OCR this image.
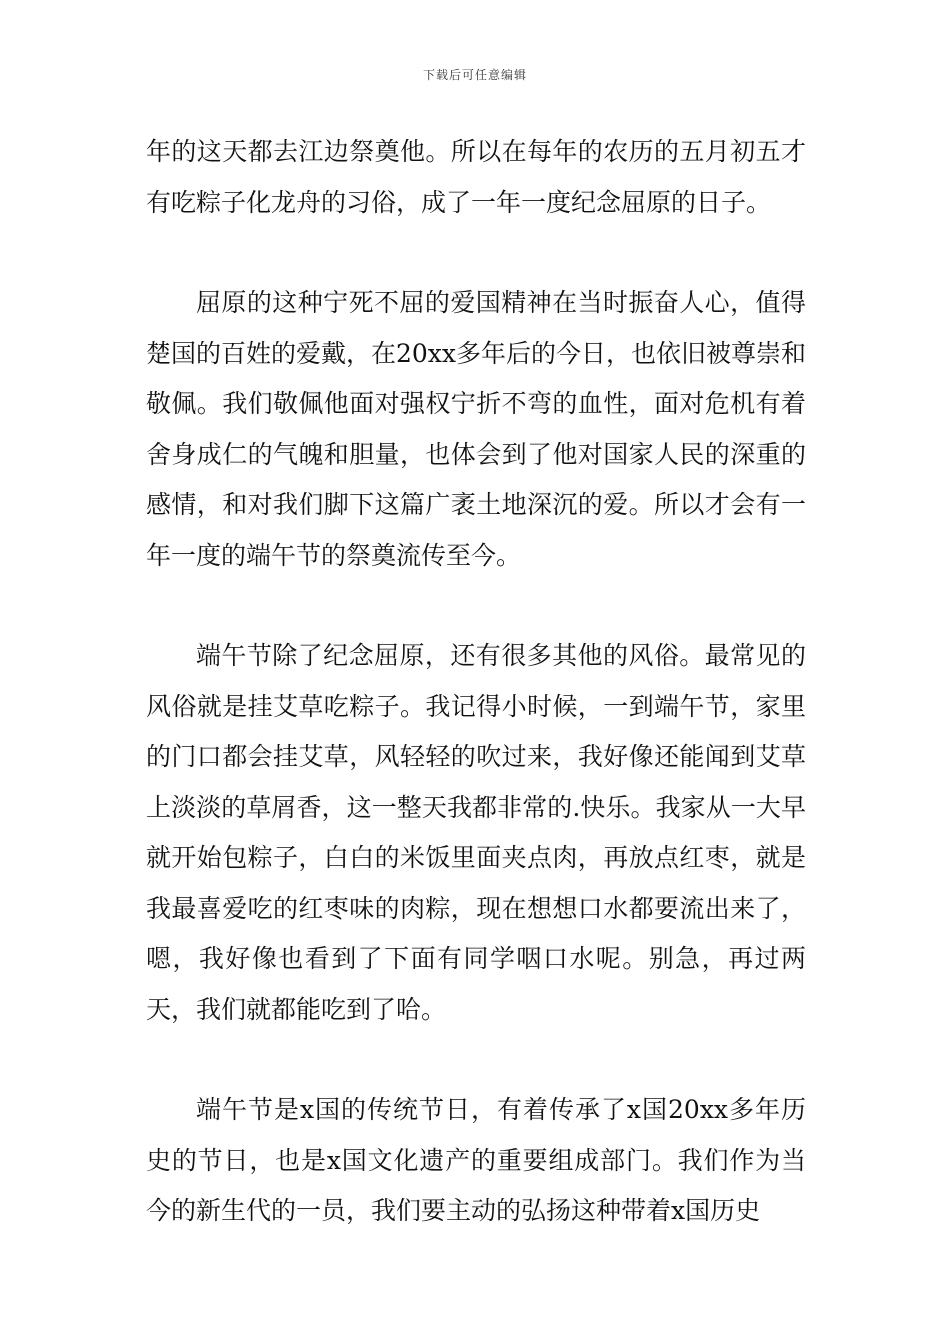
下载后可任意编辑

年的这天都去江边祭奠他。所以在每年的农历的五月初五才有吃粽子化龙舟的习俗，成了一年一度纪念屈原的日子。

屈原的这种宁死不屈的爱国精神在当时振奋人心，值得楚国的百姓的爱戴，在20xx多年后的今日，也依旧被尊崇和敬佩。我们敬佩他面对强权宁折不弯的血性，面对危机有着舍身成仁的气魄和胆量，也体会到了他对国家人民的深重的感情，和对我们脚下这篇广袤土地深沉的爱。所以才会有一年一度的端午节的祭奠流传至今。

端午节除了纪念屈原，还有很多其他的风俗。最常见的风俗就是挂艾草吃粽子。我记得小时候，一到端午节，家里的门口都会挂艾草，风轻轻的吹过来，我好像还能闻到艾草上淡淡的草屑香，这一整天我都非常的.快乐。我家从一大早就开始包粽子，白白的米饭里面夹点肉，再放点红枣，就是我最喜爱吃的红枣味的肉粽，现在想想口水都要流出来了，嗯，我好像也看到了下面有同学咽口水呢。别急，再过两天，我们就都能吃到了哈。

端午节是x国的传统节日，有着传承了x国20xx多年历史的节日，也是x国文化遗产的重要组成部门。我们作为当今的新生代的一员，我们要主动的弘扬这种带着x国历史
